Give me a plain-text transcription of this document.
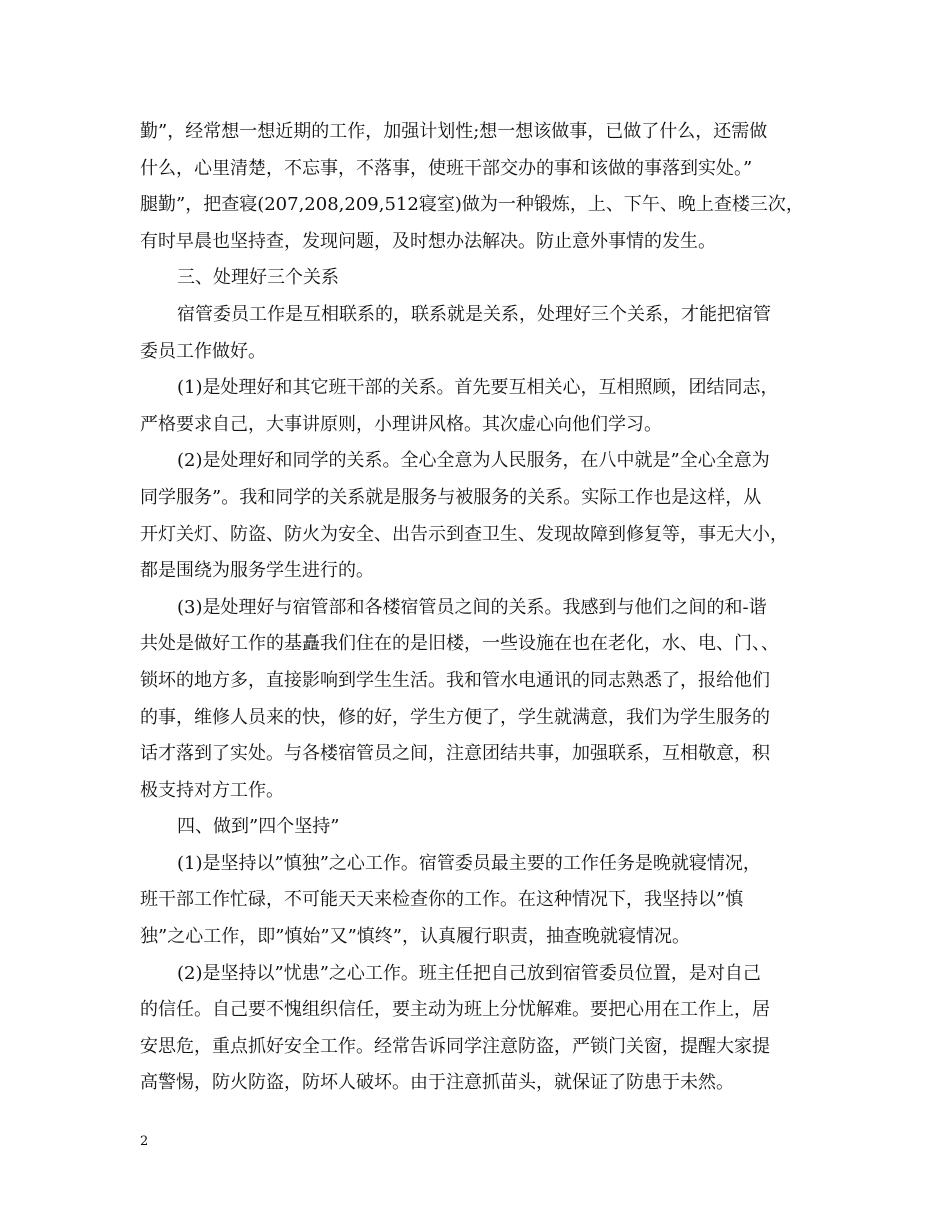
勤”，经常想一想近期的工作，加强计划性;想一想该做事，已做了什么，还需做
什么，心里清楚，不忘事，不落事，使班干部交办的事和该做的事落到实处。”
腿勤”，把查寝(207,208,209,512寝室)做为一种锻炼，上、下午、晚上查楼三次，
有时早晨也坚持查，发现问题，及时想办法解决。防止意外事情的发生。
三、处理好三个关系
宿管委员工作是互相联系的，联系就是关系，处理好三个关系，才能把宿管
委员工作做好。
(1)是处理好和其它班干部的关系。首先要互相关心，互相照顾，团结同志，
严格要求自己，大事讲原则，小理讲风格。其次虚心向他们学习。
(2)是处理好和同学的关系。全心全意为人民服务，在八中就是”全心全意为
同学服务”。我和同学的关系就是服务与被服务的关系。实际工作也是这样，从
开灯关灯、防盗、防火为安全、出告示到查卫生、发现故障到修复等，事无大小，
都是围绕为服务学生进行的。
(3)是处理好与宿管部和各楼宿管员之间的关系。我感到与他们之间的和-谐
共处是做好工作的基矗我们住在的是旧楼，一些设施在也在老化，水、电、门、、
锁坏的地方多，直接影响到学生生活。我和管水电通讯的同志熟悉了，报给他们
的事，维修人员来的快，修的好，学生方便了，学生就满意，我们为学生服务的
话才落到了实处。与各楼宿管员之间，注意团结共事，加强联系，互相敬意，积
极支持对方工作。
四、做到”四个坚持”
(1)是坚持以”慎独”之心工作。宿管委员最主要的工作任务是晚就寝情况，
班干部工作忙碌，不可能天天来检查你的工作。在这种情况下，我坚持以”慎
独”之心工作，即”慎始”又”慎终”，认真履行职责，抽查晚就寝情况。
(2)是坚持以”忧患”之心工作。班主任把自己放到宿管委员位置，是对自己
的信任。自己要不愧组织信任，要主动为班上分忧解难。要把心用在工作上，居
安思危，重点抓好安全工作。经常告诉同学注意防盗，严锁门关窗，提醒大家提
高警惕，防火防盗，防坏人破坏。由于注意抓苗头，就保证了防患于未然。
2
